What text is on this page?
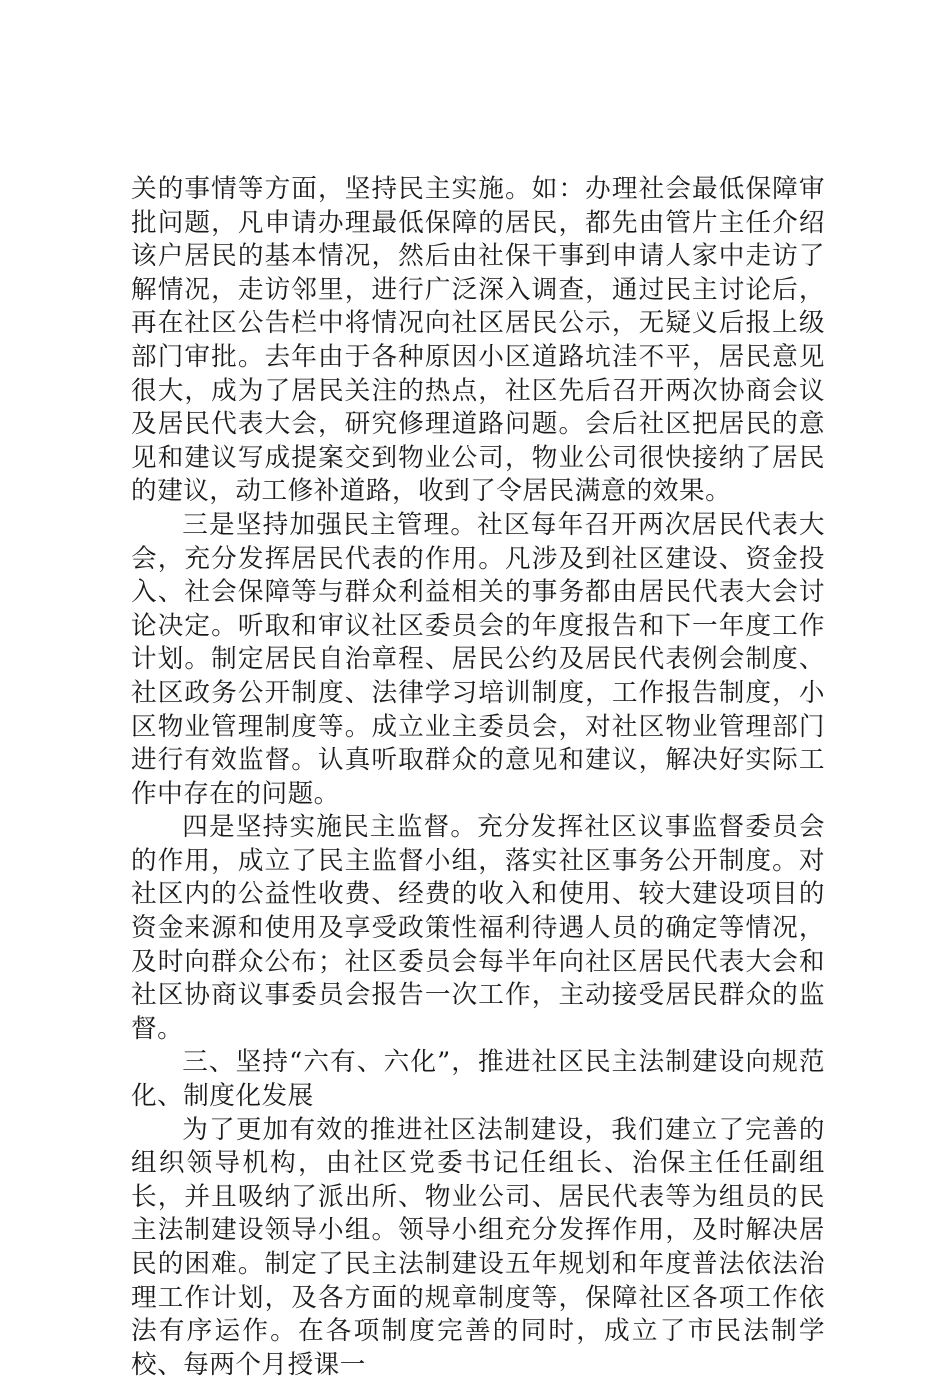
关的事情等方面，坚持民主实施。如：办理社会最低保障审批问题，凡申请办理最低保障的居民，都先由管片主任介绍该户居民的基本情况，然后由社保干事到申请人家中走访了解情况，走访邻里，进行广泛深入调查，通过民主讨论后，再在社区公告栏中将情况向社区居民公示，无疑义后报上级部门审批。去年由于各种原因小区道路坑洼不平，居民意见很大，成为了居民关注的热点，社区先后召开两次协商会议及居民代表大会，研究修理道路问题。会后社区把居民的意见和建议写成提案交到物业公司，物业公司很快接纳了居民的建议，动工修补道路，收到了令居民满意的效果。

三是坚持加强民主管理。社区每年召开两次居民代表大会，充分发挥居民代表的作用。凡涉及到社区建设、资金投入、社会保障等与群众利益相关的事务都由居民代表大会讨论决定。听取和审议社区委员会的年度报告和下一年度工作计划。制定居民自治章程、居民公约及居民代表例会制度、社区政务公开制度、法律学习培训制度，工作报告制度，小区物业管理制度等。成立业主委员会，对社区物业管理部门进行有效监督。认真听取群众的意见和建议，解决好实际工作中存在的问题。

四是坚持实施民主监督。充分发挥社区议事监督委员会的作用，成立了民主监督小组，落实社区事务公开制度。对社区内的公益性收费、经费的收入和使用、较大建设项目的资金来源和使用及享受政策性福利待遇人员的确定等情况，及时向群众公布；社区委员会每半年向社区居民代表大会和社区协商议事委员会报告一次工作，主动接受居民群众的监督。

三、坚持“六有、六化”，推进社区民主法制建设向规范化、制度化发展

为了更加有效的推进社区法制建设，我们建立了完善的组织领导机构，由社区党委书记任组长、治保主任任副组长，并且吸纳了派出所、物业公司、居民代表等为组员的民主法制建设领导小组。领导小组充分发挥作用，及时解决居民的困难。制定了民主法制建设五年规划和年度普法依法治理工作计划，及各方面的规章制度等，保障社区各项工作依法有序运作。在各项制度完善的同时，成立了市民法制学校、每两个月授课一
